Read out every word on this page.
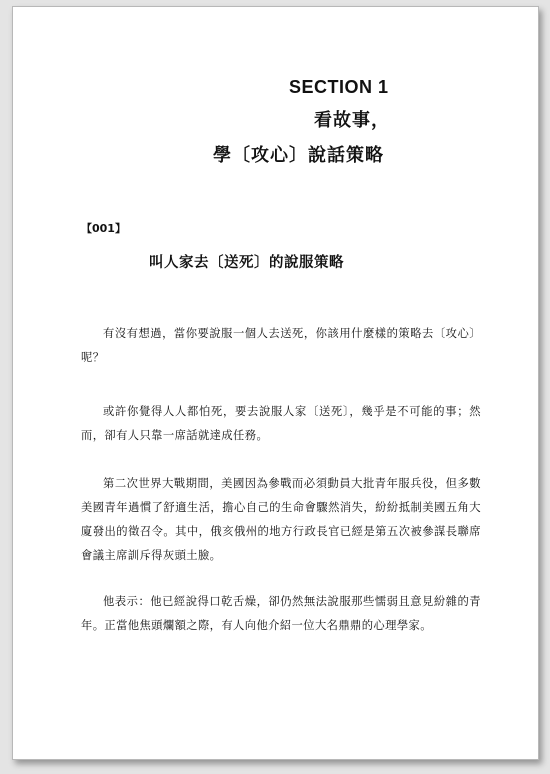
SECTION 1
看故事，
學〔攻心〕說話策略
【001】
叫人家去〔送死〕的說服策略

有沒有想過，當你要說服一個人去送死，你該用什麼樣的策略去〔攻心〕呢？

或許你覺得人人都怕死，要去說服人家〔送死〕，幾乎是不可能的事；然而，卻有人只靠一席話就達成任務。

第二次世界大戰期間，美國因為參戰而必須動員大批青年服兵役，但多數美國青年過慣了舒適生活，擔心自己的生命會驟然消失，紛紛抵制美國五角大廈發出的徵召令。其中，俄亥俄州的地方行政長官已經是第五次被參謀長聯席會議主席訓斥得灰頭土臉。

他表示：他已經說得口乾舌燥，卻仍然無法說服那些懦弱且意見紛雜的青年。正當他焦頭爛額之際，有人向他介紹一位大名鼎鼎的心理學家。
